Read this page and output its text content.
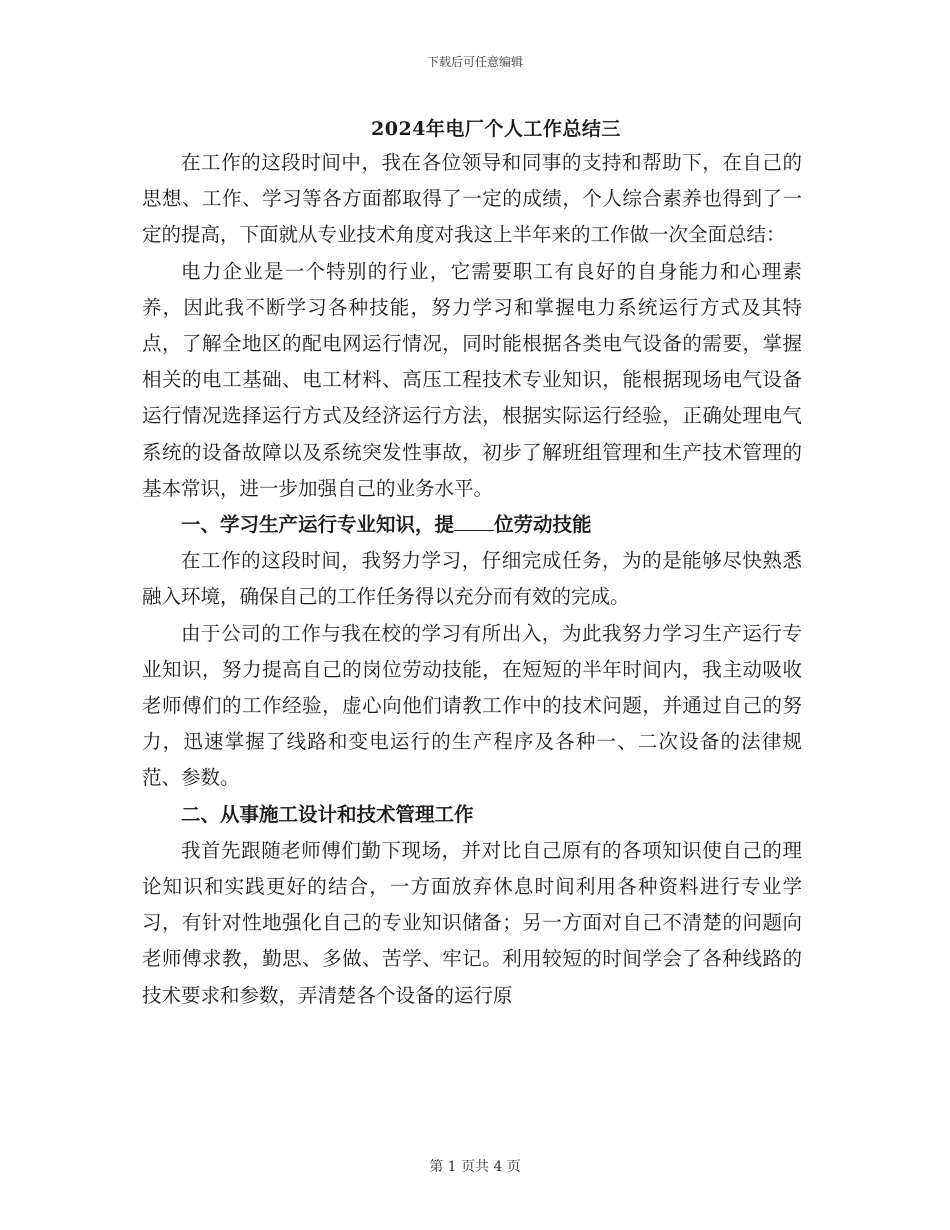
下载后可任意编辑
2024年电厂个人工作总结三

在工作的这段时间中，我在各位领导和同事的支持和帮助下，在自己的思想、工作、学习等各方面都取得了一定的成绩，个人综合素养也得到了一定的提高，下面就从专业技术角度对我这上半年来的工作做一次全面总结：

电力企业是一个特别的行业，它需要职工有良好的自身能力和心理素养，因此我不断学习各种技能，努力学习和掌握电力系统运行方式及其特点，了解全地区的配电网运行情况，同时能根据各类电气设备的需要，掌握相关的电工基础、电工材料、高压工程技术专业知识，能根据现场电气设备运行情况选择运行方式及经济运行方法，根据实际运行经验，正确处理电气系统的设备故障以及系统突发性事故，初步了解班组管理和生产技术管理的基本常识，进一步加强自己的业务水平。

一、学习生产运行专业知识，提 位劳动技能

在工作的这段时间，我努力学习，仔细完成任务，为的是能够尽快熟悉融入环境，确保自己的工作任务得以充分而有效的完成。

由于公司的工作与我在校的学习有所出入，为此我努力学习生产运行专业知识，努力提高自己的岗位劳动技能，在短短的半年时间内，我主动吸收老师傅们的工作经验，虚心向他们请教工作中的技术问题，并通过自己的努力，迅速掌握了线路和变电运行的生产程序及各种一、二次设备的法律规范、参数。

二、从事施工设计和技术管理工作

我首先跟随老师傅们勤下现场，并对比自己原有的各项知识使自己的理论知识和实践更好的结合，一方面放弃休息时间利用各种资料进行专业学习，有针对性地强化自己的专业知识储备；另一方面对自己不清楚的问题向老师傅求教，勤思、多做、苦学、牢记。利用较短的时间学会了各种线路的技术要求和参数，弄清楚各个设备的运行原

第 1 页共 4 页
